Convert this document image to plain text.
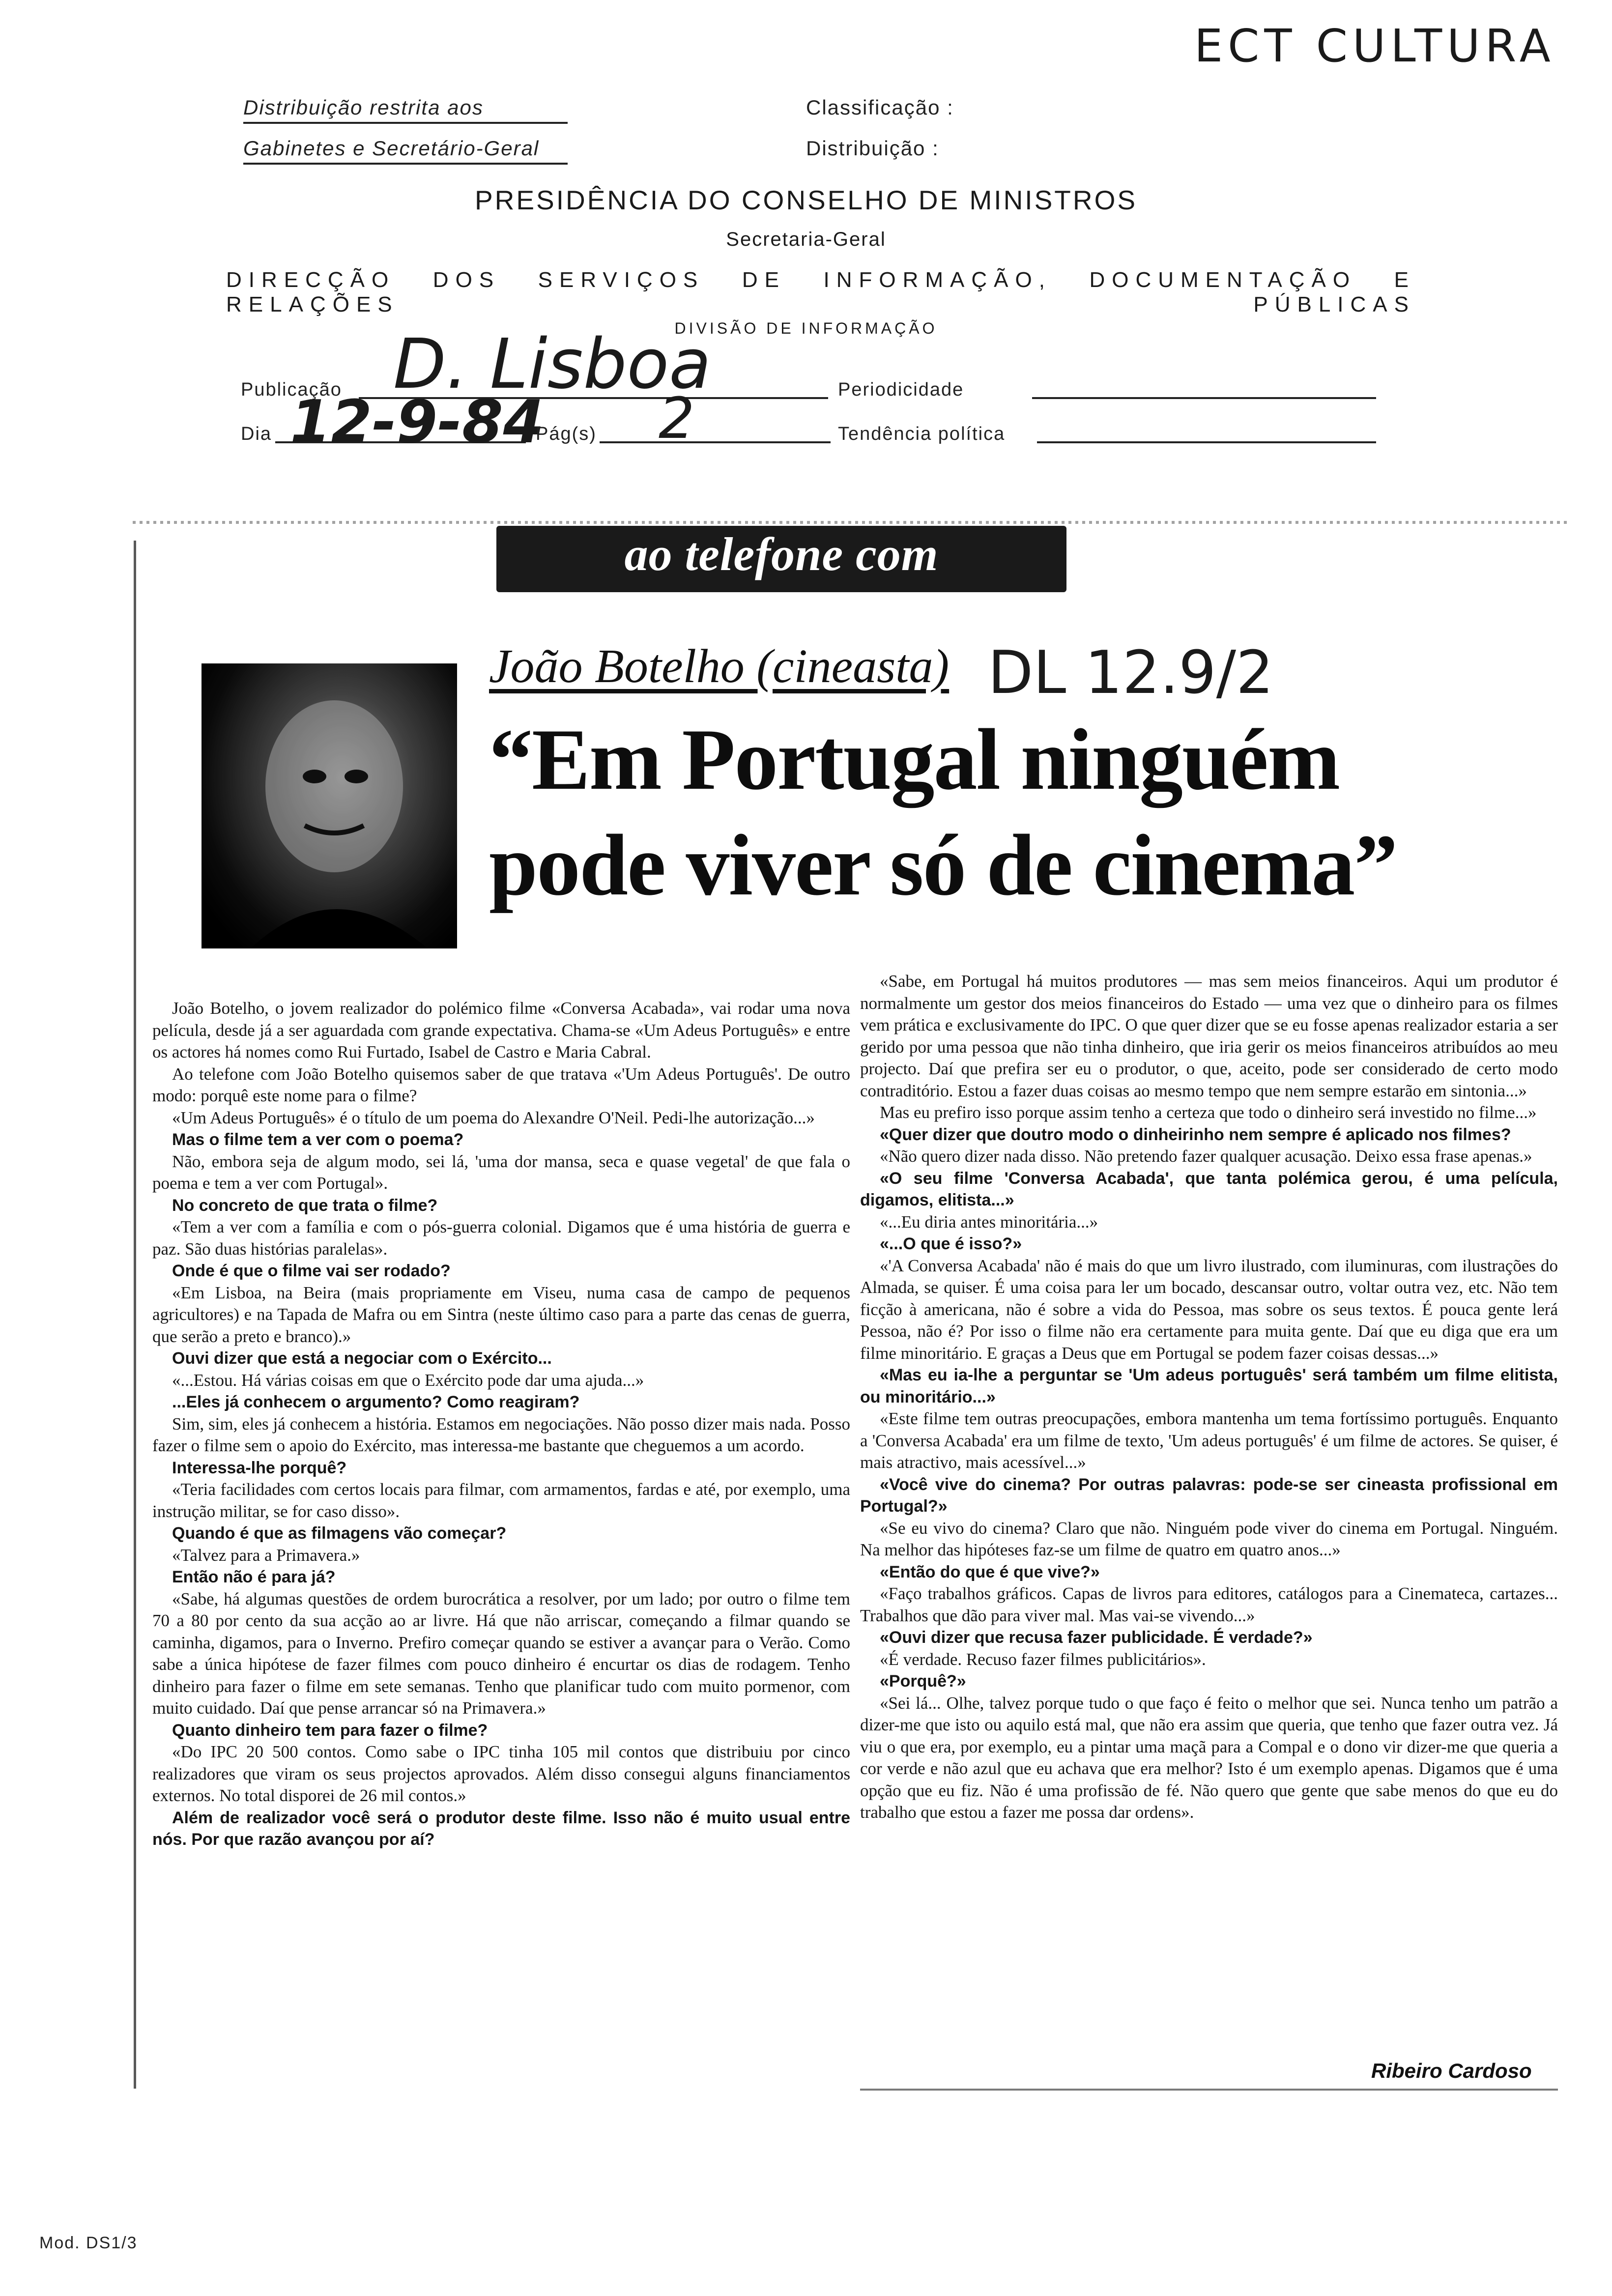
ECT CULTURA
Distribuição restrita aos
Gabinetes e Secretário-Geral
Classificação :
Distribuição :
PRESIDÊNCIA DO CONSELHO DE MINISTROS
Secretaria-Geral
DIRECÇÃO DOS SERVIÇOS DE INFORMAÇÃO, DOCUMENTAÇÃO E RELAÇÕES PÚBLICAS
DIVISÃO DE INFORMAÇÃO
Publicação D. Lisboa	Periodicidade
Dia 12-9-84
Pág(s) 2	Tendência política
ao telefone com
João Botelho (cineasta) DL 12.9/2
“Em Portugal ninguém
pode viver só de cinema”

João Botelho, o jovem realizador do polémico filme «Conversa Acabada», vai rodar uma nova película, desde já a ser aguardada com grande expectativa. Chama-se «Um Adeus Português» e entre os actores há nomes como Rui Furtado, Isabel de Castro e Maria Cabral.

Ao telefone com João Botelho quisemos saber de que tratava «'Um Adeus Português'. De outro modo: porquê este nome para o filme?

«Um Adeus Português» é o título de um poema do Alexandre O'Neil. Pedi-lhe autorização...»

Mas o filme tem a ver com o poema?

Não, embora seja de algum modo, sei lá, 'uma dor mansa, seca e quase vegetal' de que fala o poema e tem a ver com Portugal».

No concreto de que trata o filme?

«Tem a ver com a família e com o pós-guerra colonial. Digamos que é uma história de guerra e paz. São duas histórias paralelas».

Onde é que o filme vai ser rodado?

«Em Lisboa, na Beira (mais propriamente em Viseu, numa casa de campo de pequenos agricultores) e na Tapada de Mafra ou em Sintra (neste último caso para a parte das cenas de guerra, que serão a preto e branco).»

Ouvi dizer que está a negociar com o Exército...

«...Estou. Há várias coisas em que o Exército pode dar uma ajuda...»

...Eles já conhecem o argumento? Como reagiram?

Sim, sim, eles já conhecem a história. Estamos em negociações. Não posso dizer mais nada. Posso fazer o filme sem o apoio do Exército, mas interessa-me bastante que cheguemos a um acordo.

Interessa-lhe porquê?

«Teria facilidades com certos locais para filmar, com armamentos, fardas e até, por exemplo, uma instrução militar, se for caso disso».

Quando é que as filmagens vão começar?

«Talvez para a Primavera.»

Então não é para já?

«Sabe, há algumas questões de ordem burocrática a resolver, por um lado; por outro o filme tem 70 a 80 por cento da sua acção ao ar livre. Há que não arriscar, começando a filmar quando se caminha, digamos, para o Inverno. Prefiro começar quando se estiver a avançar para o Verão. Como sabe a única hipótese de fazer filmes com pouco dinheiro é encurtar os dias de rodagem. Tenho dinheiro para fazer o filme em sete semanas. Tenho que planificar tudo com muito pormenor, com muito cuidado. Daí que pense arrancar só na Primavera.»

Quanto dinheiro tem para fazer o filme?

«Do IPC 20 500 contos. Como sabe o IPC tinha 105 mil contos que distribuiu por cinco realizadores que viram os seus projectos aprovados. Além disso consegui alguns financiamentos externos. No total disporei de 26 mil contos.»

Além de realizador você será o produtor deste filme. Isso não é muito usual entre nós. Por que razão avançou por aí?

«Sabe, em Portugal há muitos produtores — mas sem meios financeiros. Aqui um produtor é normalmente um gestor dos meios financeiros do Estado — uma vez que o dinheiro para os filmes vem prática e exclusivamente do IPC. O que quer dizer que se eu fosse apenas realizador estaria a ser gerido por uma pessoa que não tinha dinheiro, que iria gerir os meios financeiros atribuídos ao meu projecto. Daí que prefira ser eu o produtor, o que, aceito, pode ser considerado de certo modo contraditório. Estou a fazer duas coisas ao mesmo tempo que nem sempre estarão em sintonia...»

Mas eu prefiro isso porque assim tenho a certeza que todo o dinheiro será investido no filme...»

«Quer dizer que doutro modo o dinheirinho nem sempre é aplicado nos filmes?

«Não quero dizer nada disso. Não pretendo fazer qualquer acusação. Deixo essa frase apenas.»

«O seu filme 'Conversa Acabada', que tanta polémica gerou, é uma película, digamos, elitista...»

«...Eu diria antes minoritária...»

«...O que é isso?»

«'A Conversa Acabada' não é mais do que um livro ilustrado, com iluminuras, com ilustrações do Almada, se quiser. É uma coisa para ler um bocado, descansar outro, voltar outra vez, etc. Não tem ficção à americana, não é sobre a vida do Pessoa, mas sobre os seus textos. É pouca gente lerá Pessoa, não é? Por isso o filme não era certamente para muita gente. Daí que eu diga que era um filme minoritário. E graças a Deus que em Portugal se podem fazer coisas dessas...»

«Mas eu ia-lhe a perguntar se 'Um adeus português' será também um filme elitista, ou minoritário...»

«Este filme tem outras preocupações, embora mantenha um tema fortíssimo português. Enquanto a 'Conversa Acabada' era um filme de texto, 'Um adeus português' é um filme de actores. Se quiser, é mais atractivo, mais acessível...»

«Você vive do cinema? Por outras palavras: pode-se ser cineasta profissional em Portugal?»

«Se eu vivo do cinema? Claro que não. Ninguém pode viver do cinema em Portugal. Ninguém. Na melhor das hipóteses faz-se um filme de quatro em quatro anos...»

«Então do que é que vive?»

«Faço trabalhos gráficos. Capas de livros para editores, catálogos para a Cinemateca, cartazes... Trabalhos que dão para viver mal. Mas vai-se vivendo...»

«Ouvi dizer que recusa fazer publicidade. É verdade?»

«É verdade. Recuso fazer filmes publicitários».

«Porquê?»

«Sei lá... Olhe, talvez porque tudo o que faço é feito o melhor que sei. Nunca tenho um patrão a dizer-me que isto ou aquilo está mal, que não era assim que queria, que tenho que fazer outra vez. Já viu o que era, por exemplo, eu a pintar uma maçã para a Compal e o dono vir dizer-me que queria a cor verde e não azul que eu achava que era melhor? Isto é um exemplo apenas. Digamos que é uma opção que eu fiz. Não é uma profissão de fé. Não quero que gente que sabe menos do que eu do trabalho que estou a fazer me possa dar ordens».

Ribeiro Cardoso
Mod. DS1/3
